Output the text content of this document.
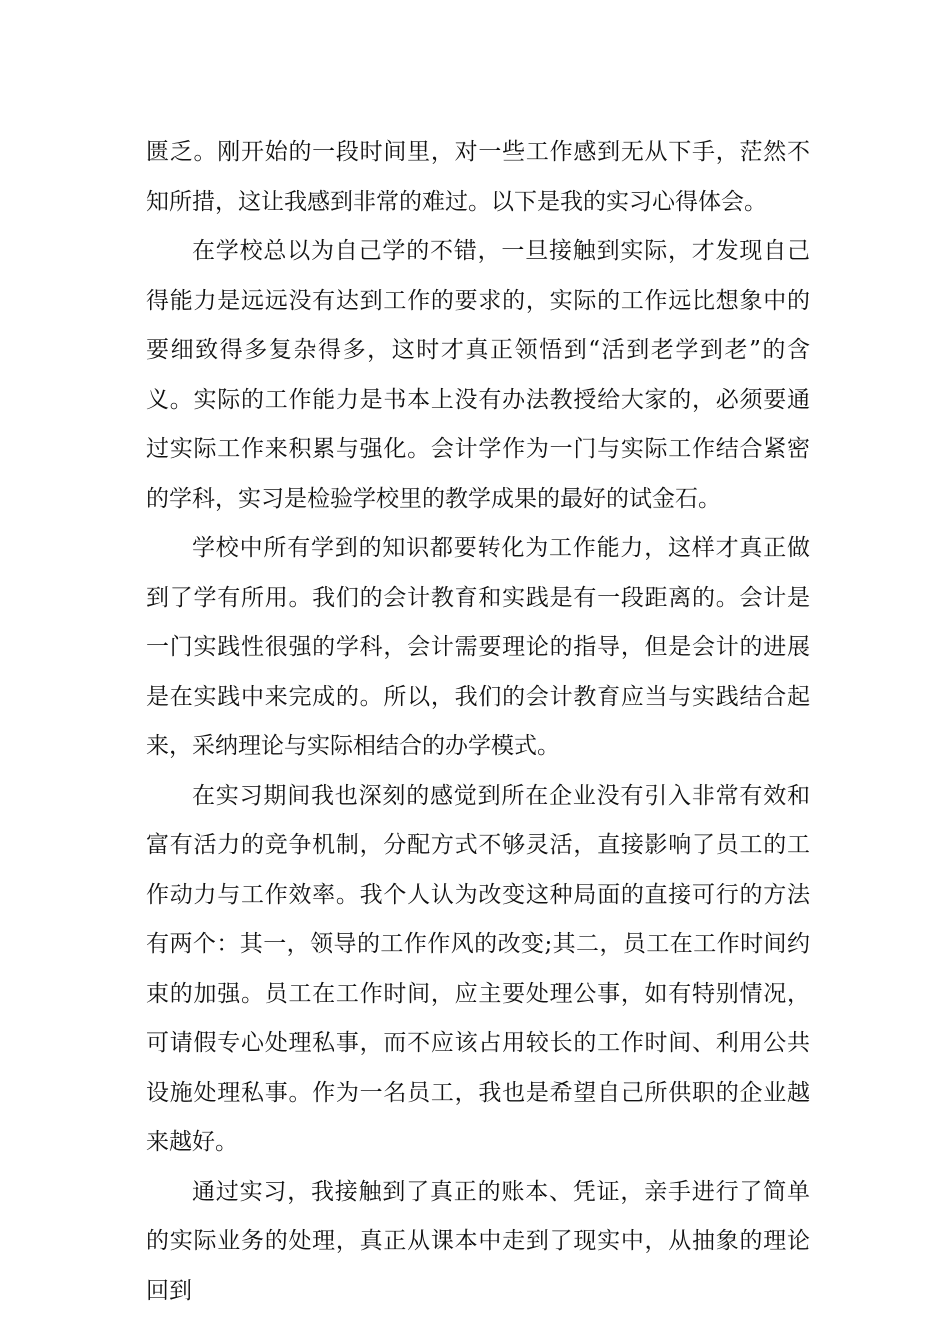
匮乏。刚开始的一段时间里，对一些工作感到无从下手，茫然不知所措，这让我感到非常的难过。以下是我的实习心得体会。

在学校总以为自己学的不错，一旦接触到实际，才发现自己得能力是远远没有达到工作的要求的，实际的工作远比想象中的要细致得多复杂得多，这时才真正领悟到“活到老学到老”的含义。实际的工作能力是书本上没有办法教授给大家的，必须要通过实际工作来积累与强化。会计学作为一门与实际工作结合紧密的学科，实习是检验学校里的教学成果的最好的试金石。

学校中所有学到的知识都要转化为工作能力，这样才真正做到了学有所用。我们的会计教育和实践是有一段距离的。会计是一门实践性很强的学科，会计需要理论的指导，但是会计的进展是在实践中来完成的。所以，我们的会计教育应当与实践结合起来，采纳理论与实际相结合的办学模式。

在实习期间我也深刻的感觉到所在企业没有引入非常有效和富有活力的竞争机制，分配方式不够灵活，直接影响了员工的工作动力与工作效率。我个人认为改变这种局面的直接可行的方法有两个：其一，领导的工作作风的改变;其二，员工在工作时间约束的加强。员工在工作时间，应主要处理公事，如有特别情况，可请假专心处理私事，而不应该占用较长的工作时间、利用公共设施处理私事。作为一名员工，我也是希望自己所供职的企业越来越好。

通过实习，我接触到了真正的账本、凭证，亲手进行了简单的实际业务的处理，真正从课本中走到了现实中，从抽象的理论回到
